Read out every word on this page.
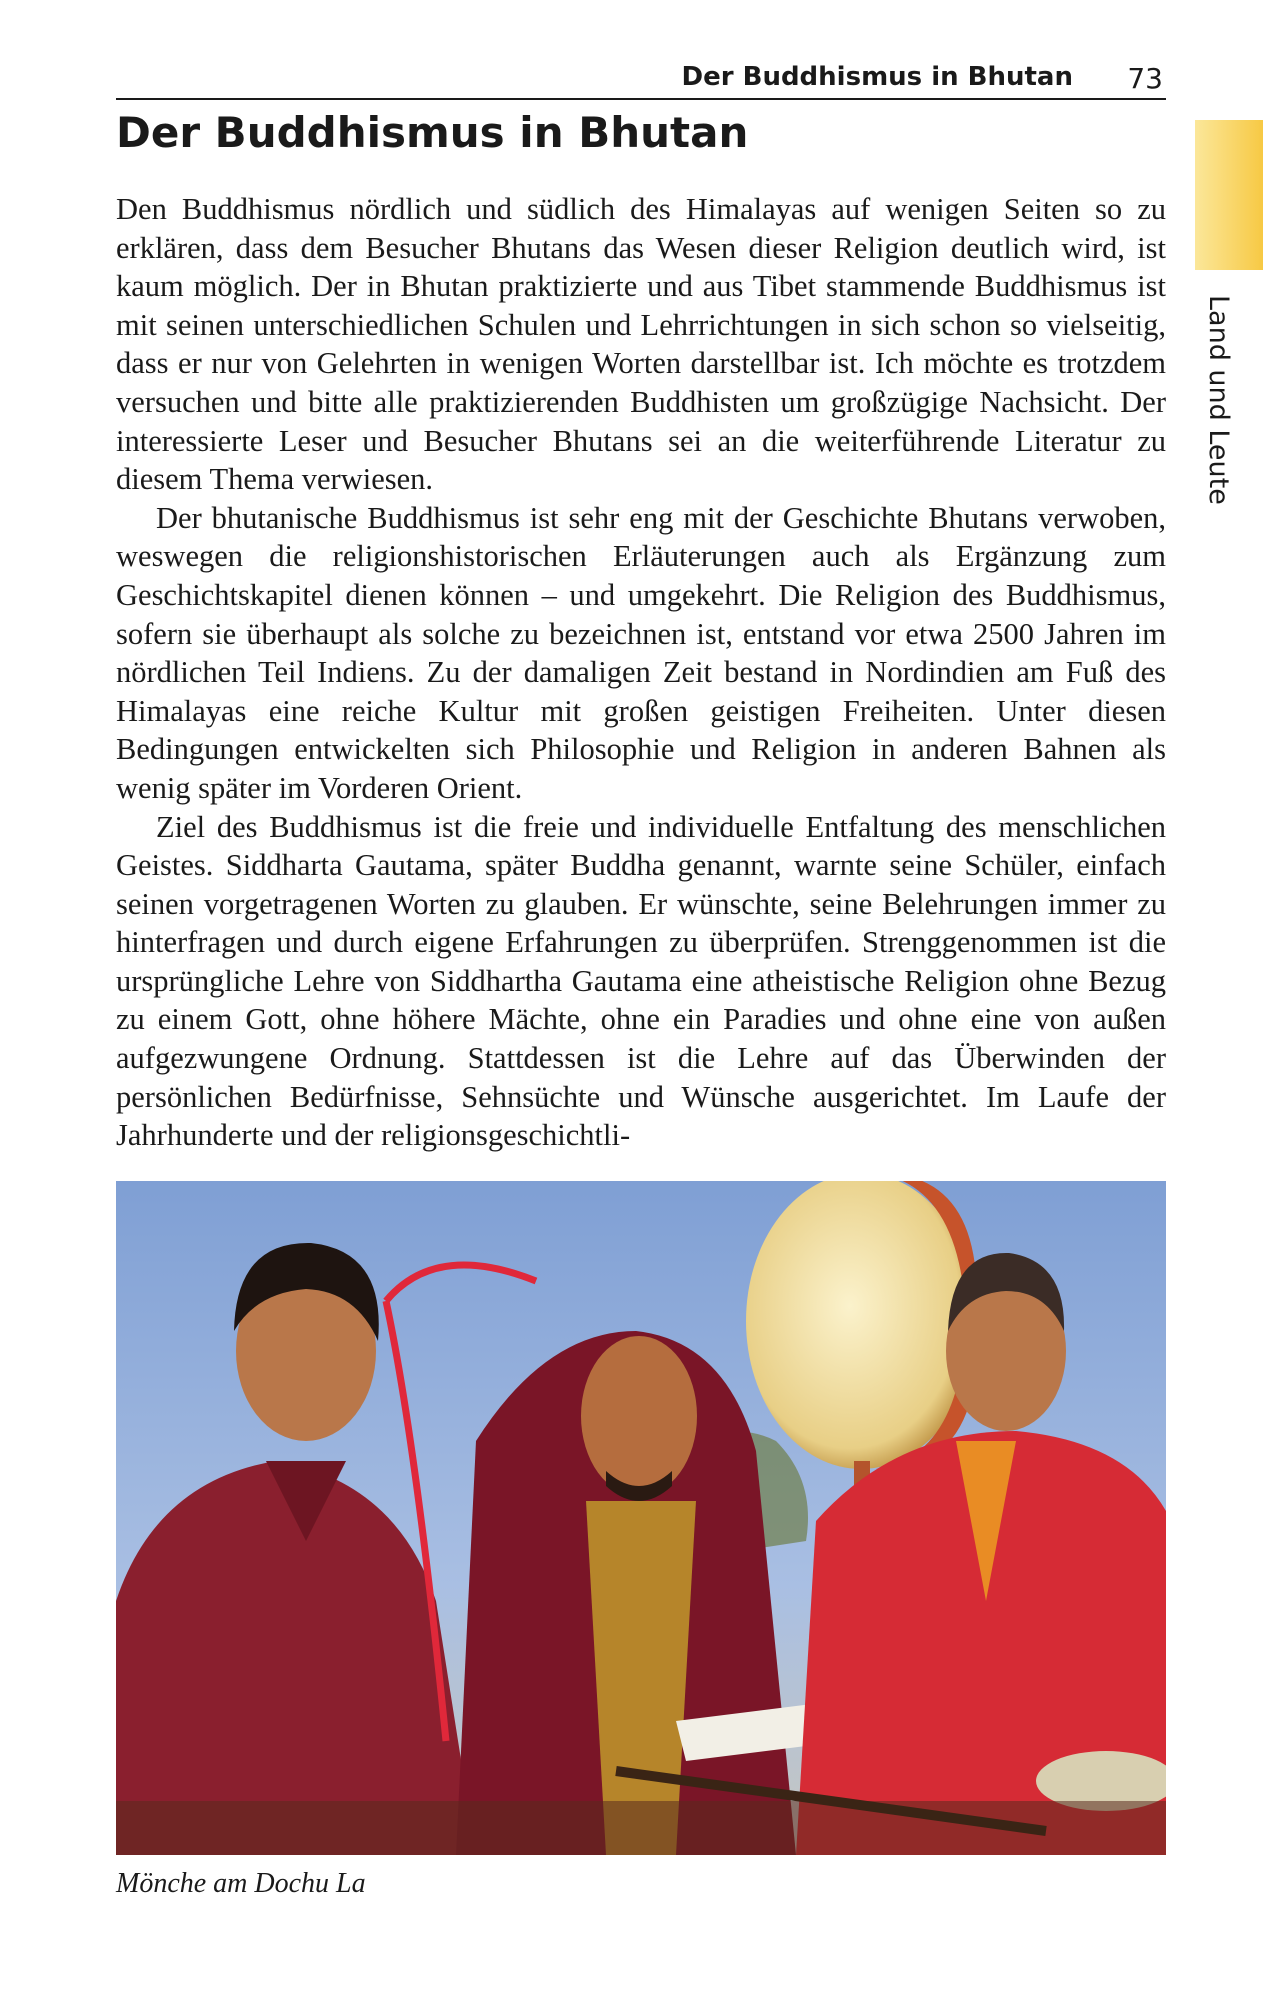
Der Buddhismus in Bhutan 73
Land und Leute
Der Buddhismus in Bhutan

Den Buddhismus nördlich und südlich des Himalayas auf wenigen Seiten so zu erklären, dass dem Besucher Bhutans das Wesen dieser Religion deutlich wird, ist kaum möglich. Der in Bhutan praktizierte und aus Tibet stammende Buddhismus ist mit seinen unterschiedlichen Schulen und Lehrrichtungen in sich schon so vielseitig, dass er nur von Gelehrten in wenigen Worten darstellbar ist. Ich möchte es trotzdem versuchen und bitte alle praktizierenden Buddhisten um großzügige Nachsicht. Der interessierte Leser und Besucher Bhutans sei an die weiterführende Literatur zu diesem Thema verwiesen.

Der bhutanische Buddhismus ist sehr eng mit der Geschichte Bhutans verwoben, weswegen die religionshistorischen Erläuterungen auch als Ergänzung zum Geschichtskapitel dienen können – und umgekehrt. Die Religion des Buddhismus, sofern sie überhaupt als solche zu bezeichnen ist, entstand vor etwa 2500 Jahren im nördlichen Teil Indiens. Zu der damaligen Zeit bestand in Nordindien am Fuß des Himalayas eine reiche Kultur mit großen geistigen Freiheiten. Unter diesen Bedingungen entwickelten sich Philosophie und Religion in anderen Bahnen als wenig später im Vorderen Orient.

Ziel des Buddhismus ist die freie und individuelle Entfaltung des menschlichen Geistes. Siddharta Gautama, später Buddha genannt, warnte seine Schüler, einfach seinen vorgetragenen Worten zu glauben. Er wünschte, seine Belehrungen immer zu hinterfragen und durch eigene Erfahrungen zu überprüfen. Strenggenommen ist die ursprüngliche Lehre von Siddhartha Gautama eine atheistische Religion ohne Bezug zu einem Gott, ohne höhere Mächte, ohne ein Paradies und ohne eine von außen aufgezwungene Ordnung. Stattdessen ist die Lehre auf das Überwinden der persönlichen Bedürfnisse, Sehnsüchte und Wünsche ausgerichtet. Im Laufe der Jahrhunderte und der religionsgeschichtli-

Mönche am Dochu La
